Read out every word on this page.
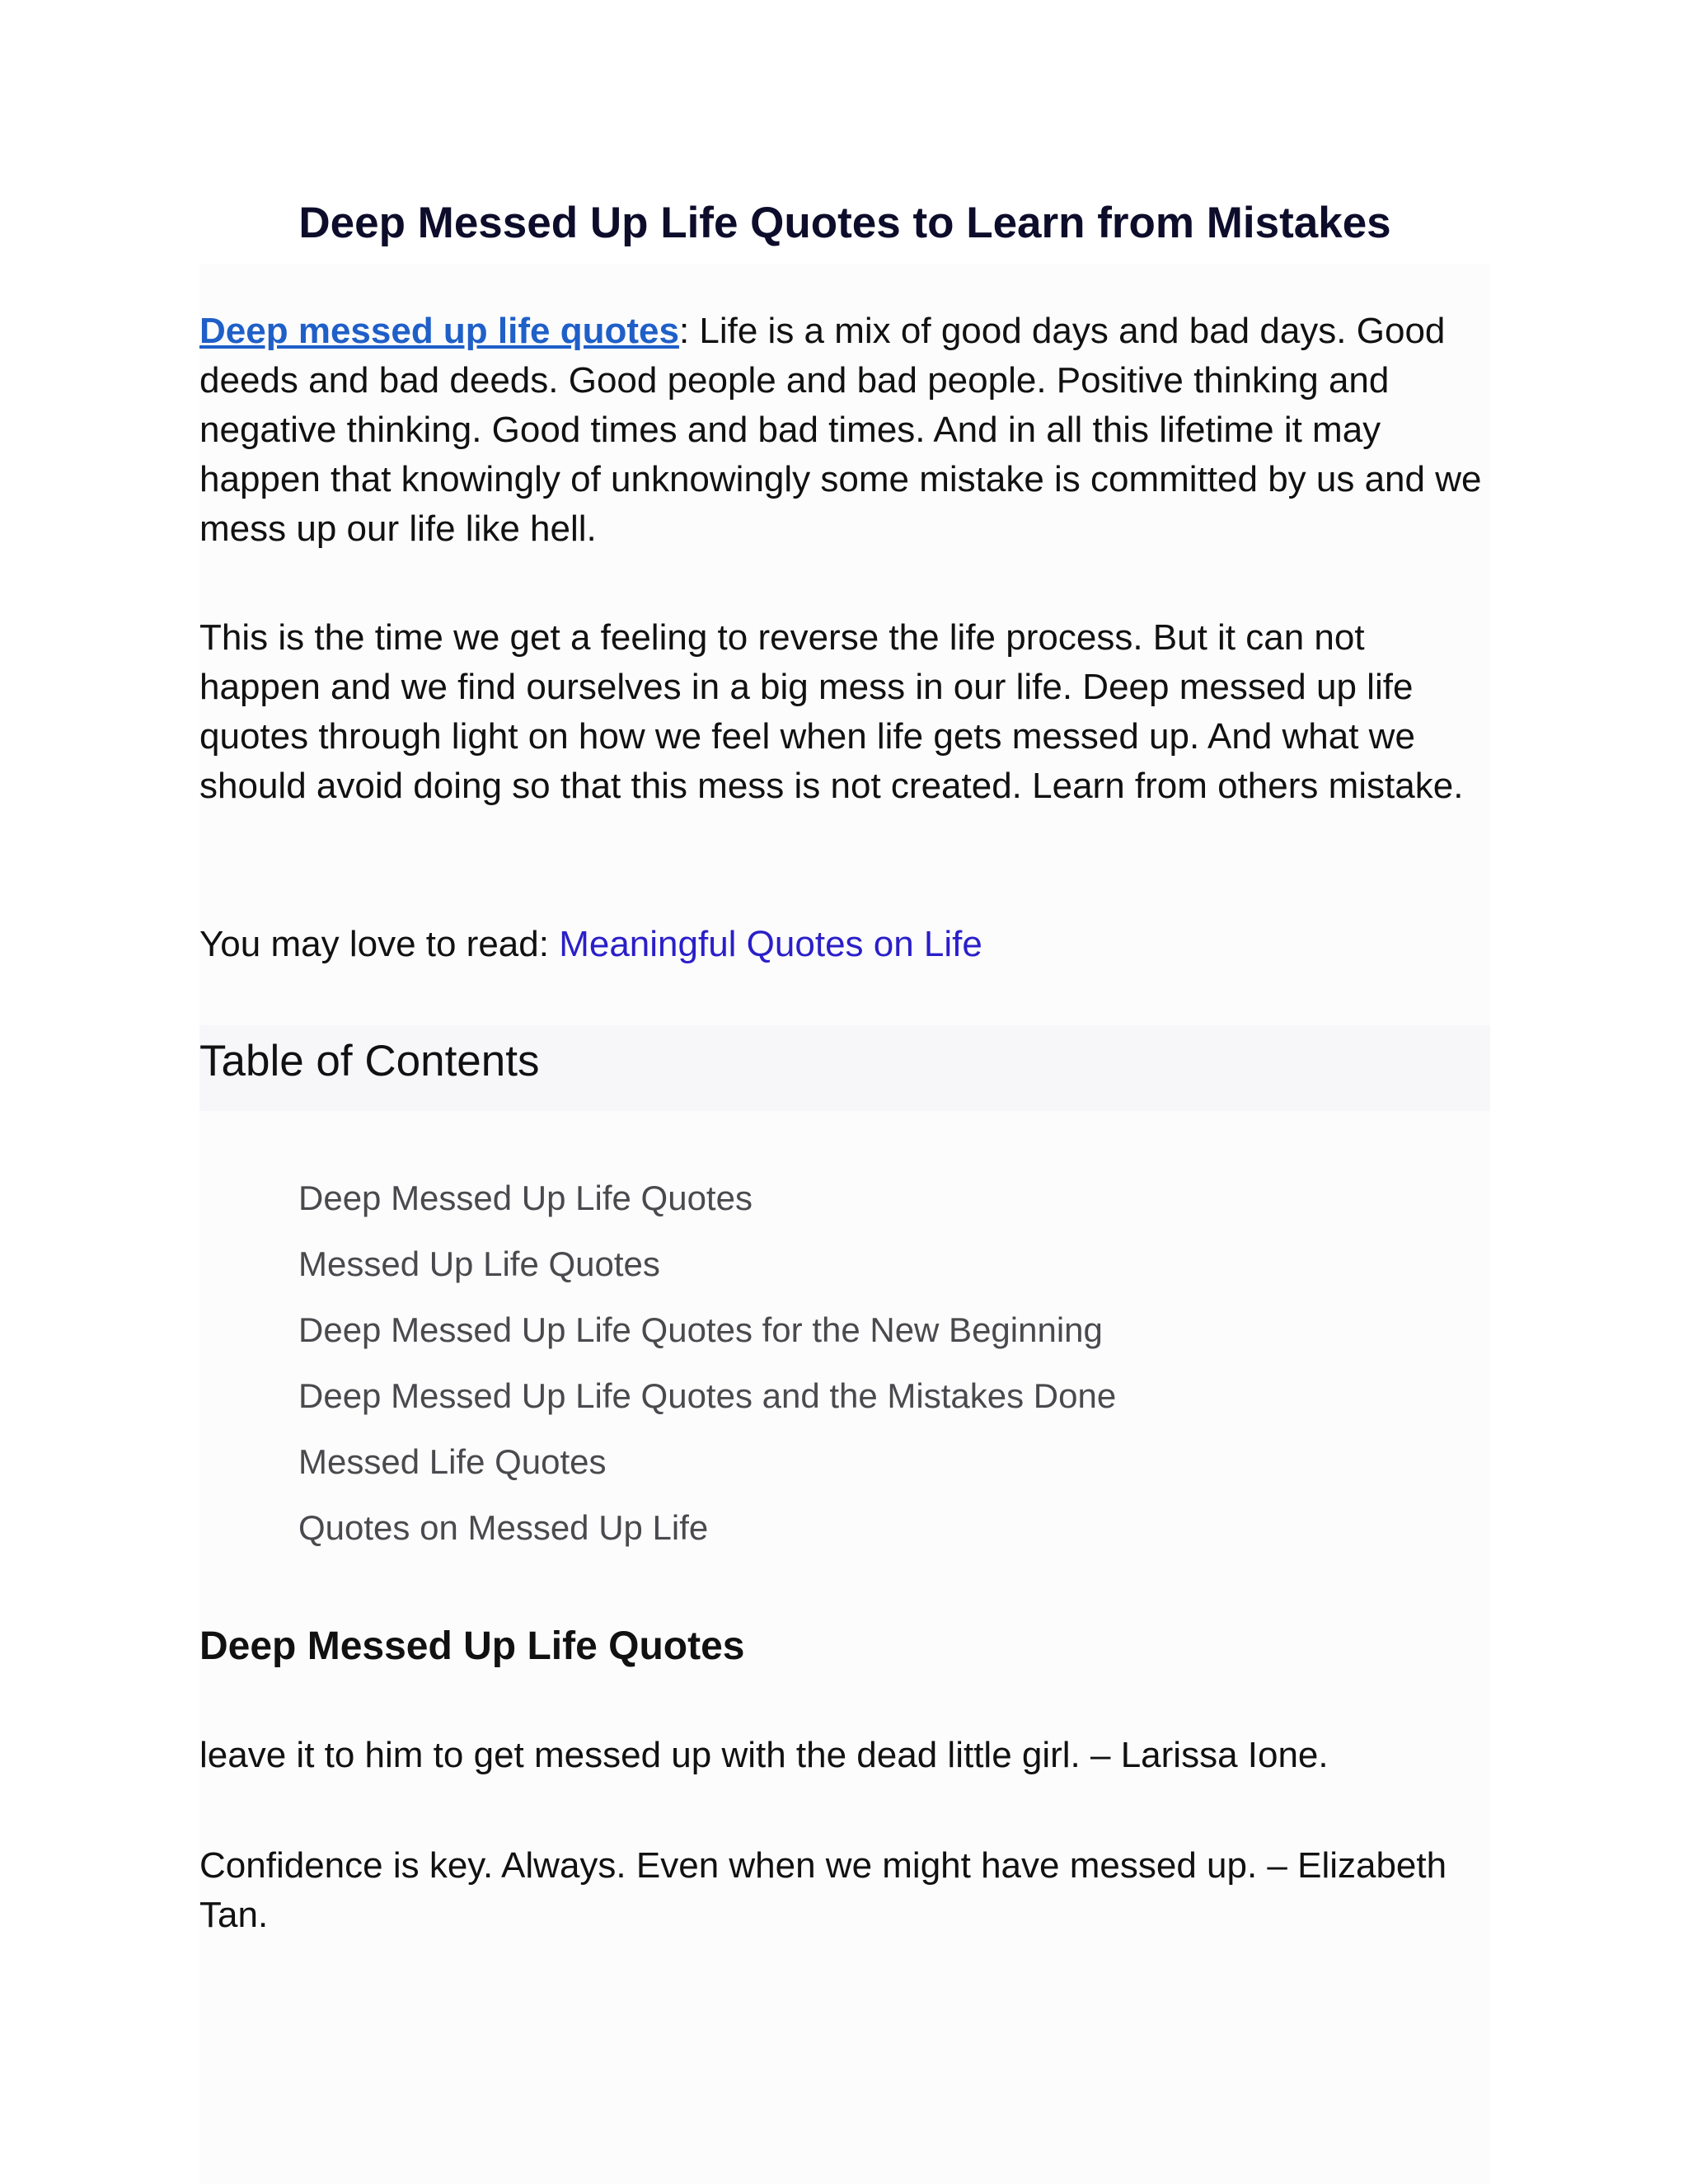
Deep Messed Up Life Quotes to Learn from Mistakes

Deep messed up life quotes: Life is a mix of good days and bad days. Good deeds and bad deeds. Good people and bad people. Positive thinking and negative thinking. Good times and bad times. And in all this lifetime it may happen that knowingly of unknowingly some mistake is committed by us and we mess up our life like hell.

This is the time we get a feeling to reverse the life process. But it can not happen and we find ourselves in a big mess in our life. Deep messed up life quotes through light on how we feel when life gets messed up. And what we should avoid doing so that this mess is not created. Learn from others mistake.

You may love to read: Meaningful Quotes on Life

Table of Contents
Deep Messed Up Life Quotes
Messed Up Life Quotes
Deep Messed Up Life Quotes for the New Beginning
Deep Messed Up Life Quotes and the Mistakes Done
Messed Life Quotes
Quotes on Messed Up Life
Deep Messed Up Life Quotes

leave it to him to get messed up with the dead little girl. – Larissa Ione.

Confidence is key. Always. Even when we might have messed up. – Elizabeth Tan.
